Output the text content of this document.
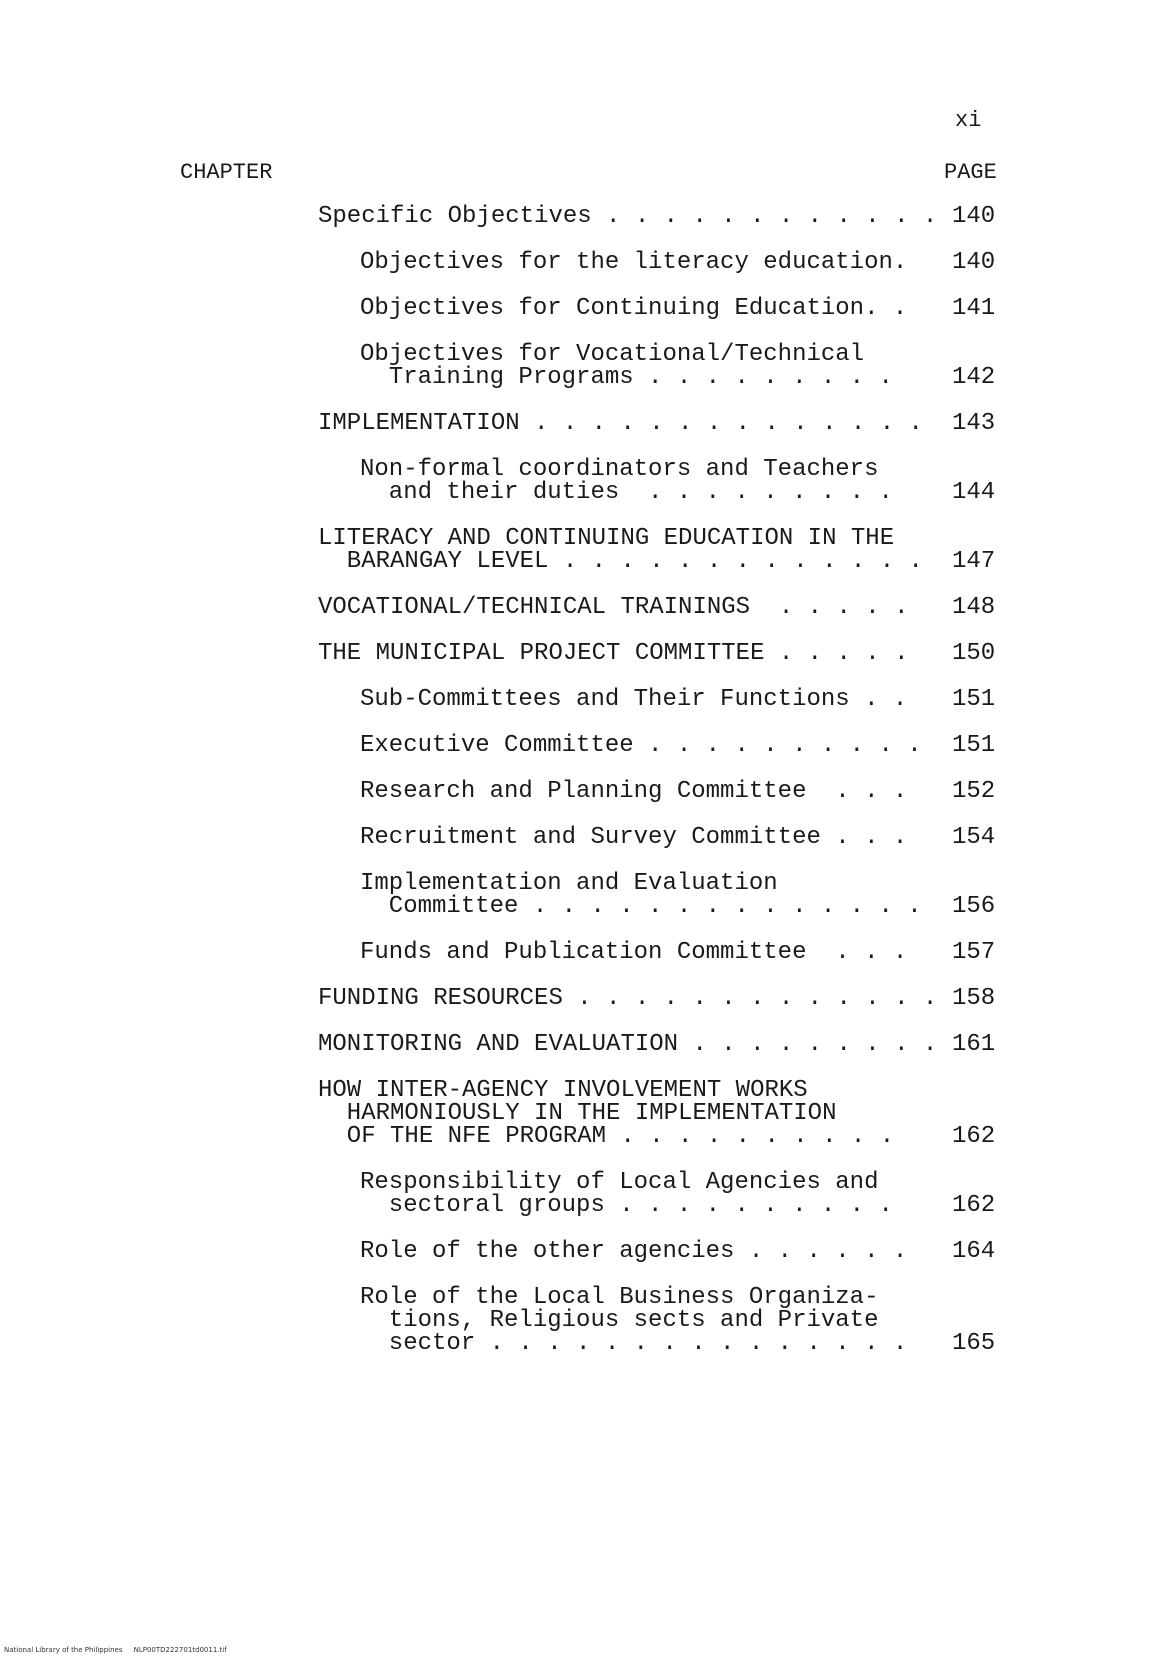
xi
CHAPTER	PAGE
Specific Objectives . . . . . . . . . . . . 140
Objectives for the literacy education. 140
Objectives for Continuing Education. . 141
Objectives for Vocational/Technical
Training Programs . . . . . . . . . 142
IMPLEMENTATION . . . . . . . . . . . . . . 143
Non-formal coordinators and Teachers
and their duties  . . . . . . . . . 144
LITERACY AND CONTINUING EDUCATION IN THE
BARANGAY LEVEL . . . . . . . . . . . . . 147
VOCATIONAL/TECHNICAL TRAININGS  . . . . . 148
THE MUNICIPAL PROJECT COMMITTEE . . . . . 150
Sub-Committees and Their Functions . . 151
Executive Committee . . . . . . . . . . 151
Research and Planning Committee  . . . 152
Recruitment and Survey Committee . . . 154
Implementation and Evaluation
Committee . . . . . . . . . . . . . . 156
Funds and Publication Committee  . . . 157
FUNDING RESOURCES . . . . . . . . . . . . . 158
MONITORING AND EVALUATION . . . . . . . . . 161
HOW INTER-AGENCY INVOLVEMENT WORKS
HARMONIOUSLY IN THE IMPLEMENTATION
OF THE NFE PROGRAM . . . . . . . . . . 162
Responsibility of Local Agencies and
sectoral groups . . . . . . . . . . 162
Role of the other agencies . . . . . . 164
Role of the Local Business Organiza-
tions, Religious sects and Private
sector . . . . . . . . . . . . . . . 165
National Library of the Philippines     NLP00TD222701td0011.tif
